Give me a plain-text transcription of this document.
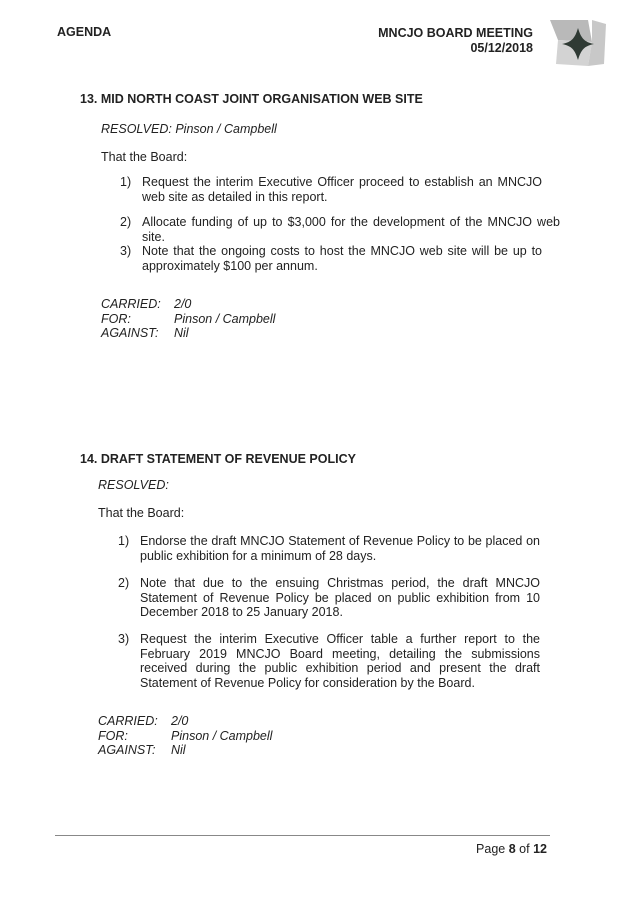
AGENDA	MNCJO BOARD MEETING
05/12/2018
13. MID NORTH COAST JOINT ORGANISATION WEB SITE
RESOLVED: Pinson / Campbell
That the Board:
1) Request the interim Executive Officer proceed to establish an MNCJO web site as detailed in this report.
2) Allocate funding of up to $3,000 for the development of the MNCJO web site.
3) Note that the ongoing costs to host the MNCJO web site will be up to approximately $100 per annum.
CARRIED:	2/0
FOR:	Pinson / Campbell
AGAINST:	Nil
14. DRAFT STATEMENT OF REVENUE POLICY
RESOLVED:
That the Board:
1) Endorse the draft MNCJO Statement of Revenue Policy to be placed on public exhibition for a minimum of 28 days.
2) Note that due to the ensuing Christmas period, the draft MNCJO Statement of Revenue Policy be placed on public exhibition from 10 December 2018 to 25 January 2018.
3) Request the interim Executive Officer table a further report to the February 2019 MNCJO Board meeting, detailing the submissions received during the public exhibition period and present the draft Statement of Revenue Policy for consideration by the Board.
CARRIED:	2/0
FOR:	Pinson / Campbell
AGAINST:	Nil
Page 8 of 12
